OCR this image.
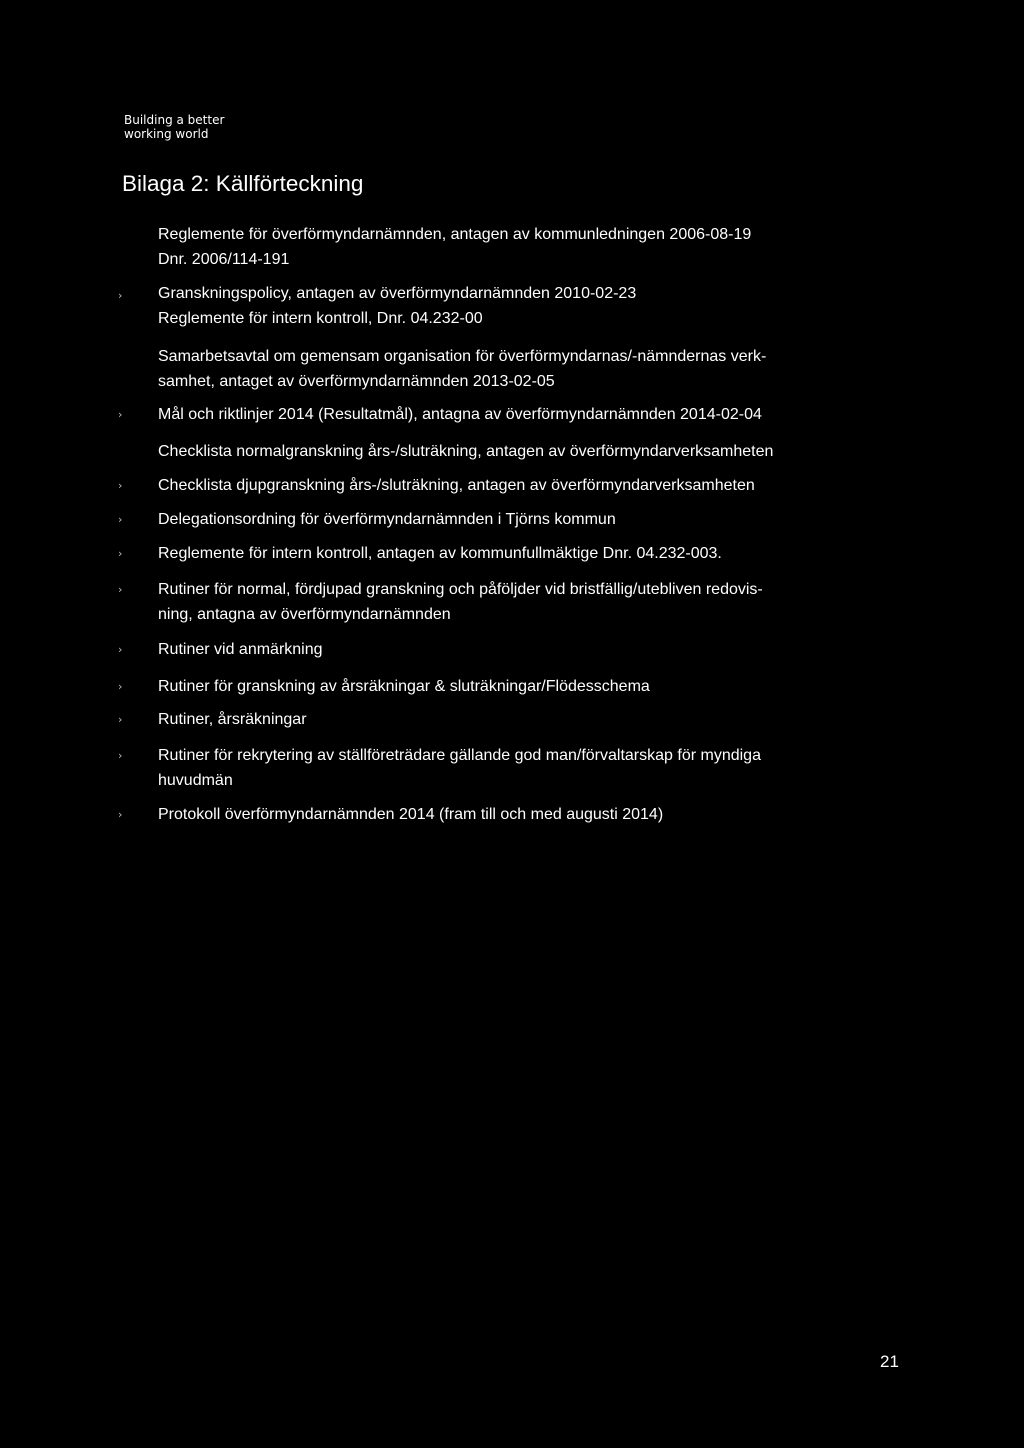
Building a better
working world
Bilaga 2: Källförteckning
Reglemente för överförmyndarnämnden, antagen av kommunledningen 2006-08-19
Dnr. 2006/114-191
›	Granskningspolicy, antagen av överförmyndarnämnden 2010-02-23
Reglemente för intern kontroll, Dnr. 04.232-00
Samarbetsavtal om gemensam organisation för överförmyndarnas/-nämndernas verk-
samhet, antaget av överförmyndarnämnden 2013-02-05
›	Mål och riktlinjer 2014 (Resultatmål), antagna av överförmyndarnämnden 2014-02-04
Checklista normalgranskning års-/sluträkning, antagen av överförmyndarverksamheten
›	Checklista djupgranskning års-/sluträkning, antagen av överförmyndarverksamheten
›	Delegationsordning för överförmyndarnämnden i Tjörns kommun
›	Reglemente för intern kontroll, antagen av kommunfullmäktige Dnr. 04.232-003.
›	Rutiner för normal, fördjupad granskning och påföljder vid bristfällig/utebliven redovis-
ning, antagna av överförmyndarnämnden
›	Rutiner vid anmärkning
›	Rutiner för granskning av årsräkningar & sluträkningar/Flödesschema
›	Rutiner, årsräkningar
›	Rutiner för rekrytering av ställföreträdare gällande god man/förvaltarskap för myndiga
huvudmän
›	Protokoll överförmyndarnämnden 2014 (fram till och med augusti 2014)
21
